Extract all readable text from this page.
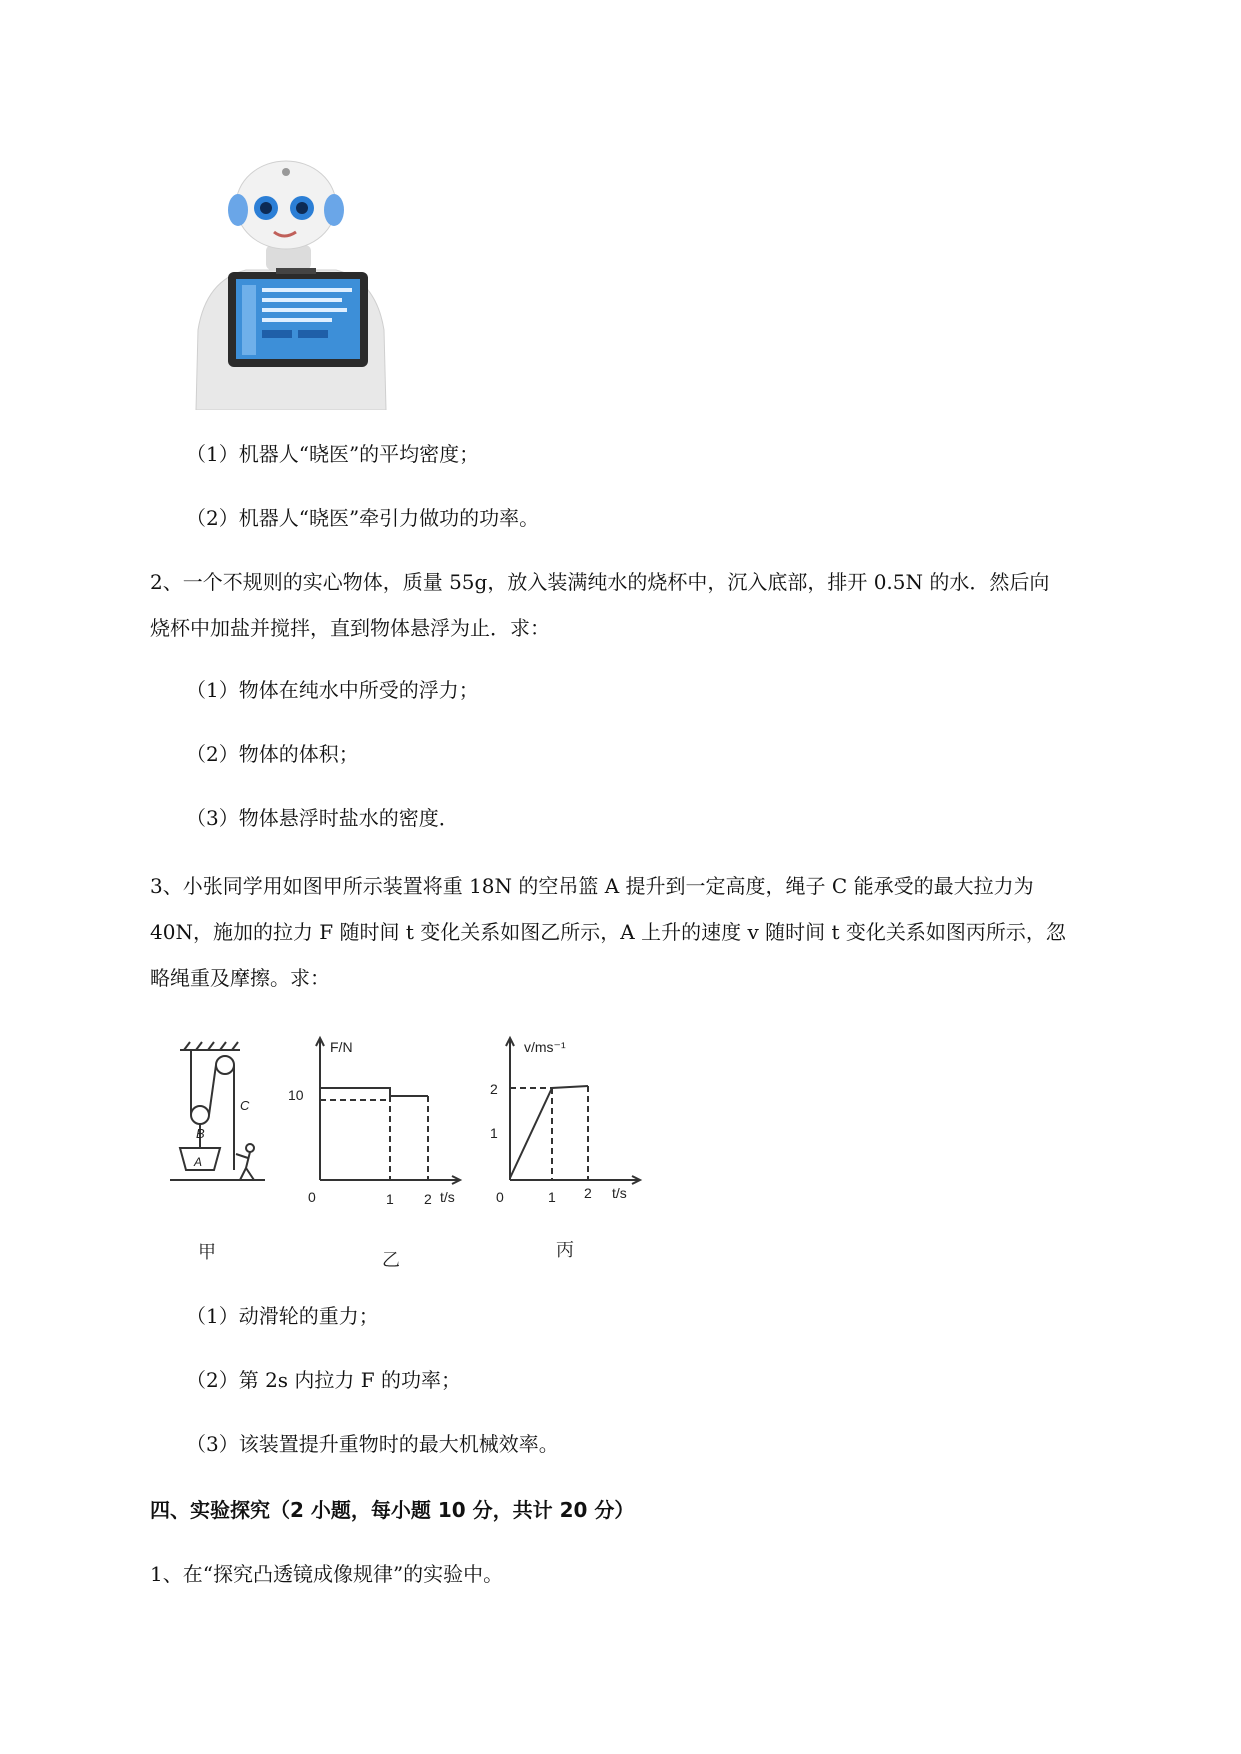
（1）机器人“晓医”的平均密度；
（2）机器人“晓医”牵引力做功的功率。
2、一个不规则的实心物体，质量 55g，放入装满纯水的烧杯中，沉入底部，排开 0.5N 的水．然后向
烧杯中加盐并搅拌，直到物体悬浮为止．求：
（1）物体在纯水中所受的浮力；
（2）物体的体积；
（3）物体悬浮时盐水的密度．
3、小张同学用如图甲所示装置将重 18N 的空吊篮 A 提升到一定高度，绳子 C 能承受的最大拉力为
40N，施加的拉力 F 随时间 t 变化关系如图乙所示，A 上升的速度 v 随时间 t 变化关系如图丙所示，忽
略绳重及摩擦。求：
B
C
A
甲
F/N
10
0	1 2 t/s
乙
v/ms⁻¹
2
1
0	1 2 t/s
丙
（1）动滑轮的重力；
（2）第 2s 内拉力 F 的功率；
（3）该装置提升重物时的最大机械效率。
四、实验探究（2 小题，每小题 10 分，共计 20 分）
1、在“探究凸透镜成像规律”的实验中。
